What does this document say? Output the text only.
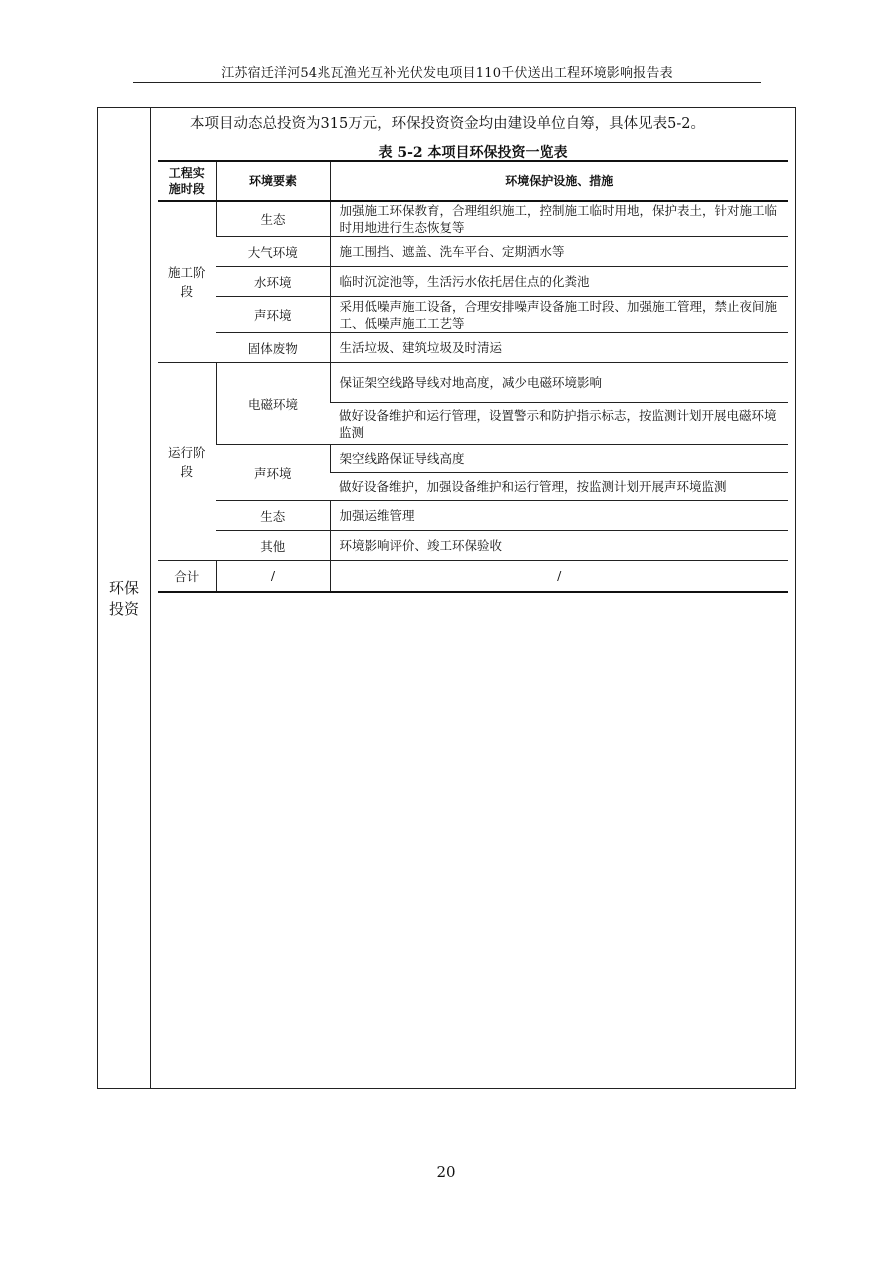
江苏宿迁洋河54兆瓦渔光互补光伏发电项目110千伏送出工程环境影响报告表
环保投资
本项目动态总投资为315万元，环保投资资金均由建设单位自筹，具体见表5-2。
表 5-2 本项目环保投资一览表
工程实施时段	环境要素	环境保护设施、措施
施工阶段	生态	加强施工环保教育，合理组织施工，控制施工临时用地，保护表土，针对施工临时用地进行生态恢复等
	大气环境	施工围挡、遮盖、洗车平台、定期洒水等
	水环境	临时沉淀池等，生活污水依托居住点的化粪池
	声环境	采用低噪声施工设备，合理安排噪声设备施工时段、加强施工管理，禁止夜间施工、低噪声施工工艺等
	固体废物	生活垃圾、建筑垃圾及时清运
运行阶段	电磁环境	保证架空线路导线对地高度，减少电磁环境影响
		做好设备维护和运行管理，设置警示和防护指示标志，按监测计划开展电磁环境监测
	声环境	架空线路保证导线高度
		做好设备维护，加强设备维护和运行管理，按监测计划开展声环境监测
	生态	加强运维管理
	其他	环境影响评价、竣工环保验收
合计	/	/
20
